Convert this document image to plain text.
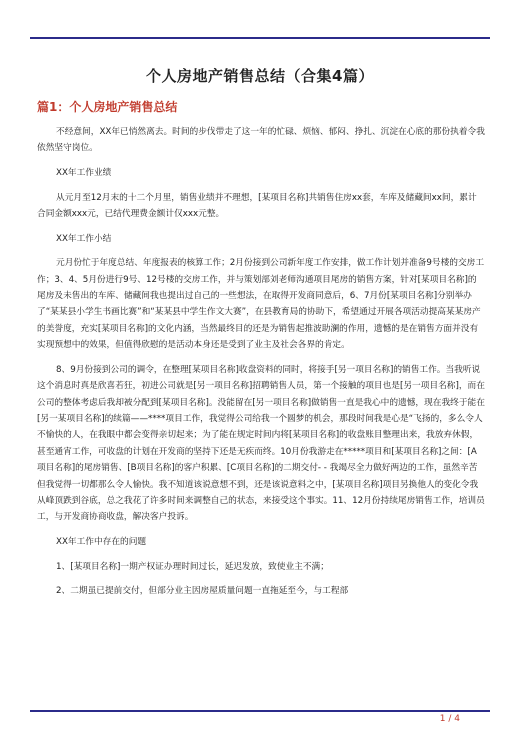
个人房地产销售总结（合集4篇）
篇1：个人房地产销售总结

不经意间，XX年已悄然离去。时间的步伐带走了这一年的忙碌、烦恼、郁闷、挣扎、沉淀在心底的那份执着令我依然坚守岗位。

XX年工作业绩

从元月至12月末的十二个月里，销售业绩并不理想，[某项目名称]共销售住房xx套，车库及储藏间xx间，累计合同金额xxx元，已结代理费金额计仅xxx元整。

XX年工作小结

元月份忙于年度总结、年度报表的核算工作；2月份接到公司新年度工作安排，做工作计划并准备9号楼的交房工作；3、4、5月份进行9号、12号楼的交房工作，并与策划部刘老师沟通项目尾房的销售方案，针对[某项目名称]的尾房及未售出的车库、储藏间我也提出过自己的一些想法，在取得开发商同意后，6、7月份[某项目名称]分别举办了“某某县小学生书画比赛”和“某某县中学生作文大赛”，在县教育局的协助下，希望通过开展各项活动提高某某房产的美誉度，充实[某项目名称]的文化内涵，当然最终目的还是为销售起推波助澜的作用，遗憾的是在销售方面并没有实现预想中的效果，但值得欣慰的是活动本身还是受到了业主及社会各界的肯定。

8、9月份接到公司的调令，在整理[某项目名称]收盘资料的同时，将接手[另一项目名称]的销售工作。当我听说这个消息时真是欣喜若狂，初进公司就是[另一项目名称]招聘销售人员，第一个接触的项目也是[另一项目名称]，而在公司的整体考虑后我却被分配到[某项目名称]。没能留在[另一项目名称]做销售一直是我心中的遗憾，现在我终于能在[另一某项目名称]的续篇——****项目工作，我觉得公司给我一个圆梦的机会，那段时间我是心是“飞扬的，多么令人不愉快的人，在我眼中都会变得亲切起来；为了能在规定时间内将[某项目名称]的收盘账目整理出来，我放弃休假，甚至通宵工作，可收盘的计划在开发商的坚持下还是无疾而终。10月份我游走在*****项目和[某项目名称]之间：[A项目名称]的尾房销售、[B项目名称]的客户积累、[C项目名称]的二期交付- - 我竭尽全力做好两边的工作，虽然辛苦但我觉得一切都那么令人愉快。我不知道该说意想不到，还是该说意料之中，[某项目名称]项目另换他人的变化令我从峰顶跌到谷底，总之我花了许多时间来调整自己的状态，来接受这个事实。11、12月份持续尾房销售工作，培训员工，与开发商协商收盘，解决客户投诉。

XX年工作中存在的问题

1、[某项目名称]一期产权证办理时间过长，延迟发放，致使业主不满；

2、二期虽已提前交付，但部分业主因房屋质量问题一直拖延至今，与工程部

1 / 4
